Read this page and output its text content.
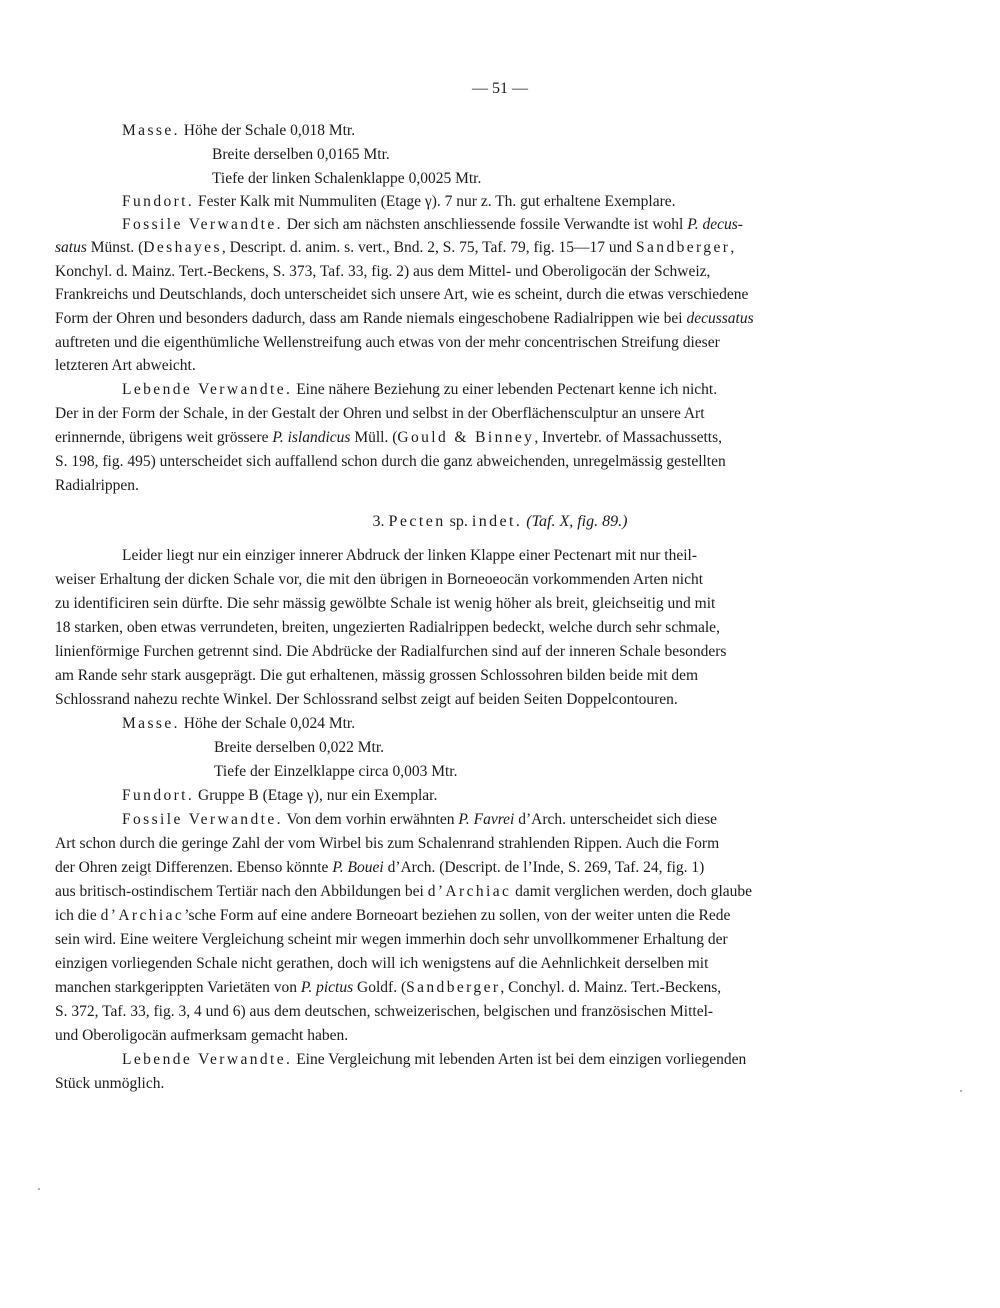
— 51 —
Masse. Höhe der Schale 0,018 Mtr.
Breite derselben 0,0165 Mtr.
Tiefe der linken Schalenklappe 0,0025 Mtr.
Fundort. Fester Kalk mit Nummuliten (Etage γ). 7 nur z. Th. gut erhaltene Exemplare.
Fossile Verwandte. Der sich am nächsten anschliessende fossile Verwandte ist wohl P. decus-
satus Münst. (Deshayes, Descript. d. anim. s. vert., Bnd. 2, S. 75, Taf. 79, fig. 15—17 und Sandberger,
Konchyl. d. Mainz. Tert.-Beckens, S. 373, Taf. 33, fig. 2) aus dem Mittel- und Oberoligocän der Schweiz,
Frankreichs und Deutschlands, doch unterscheidet sich unsere Art, wie es scheint, durch die etwas verschiedene
Form der Ohren und besonders dadurch, dass am Rande niemals eingeschobene Radialrippen wie bei decussatus
auftreten und die eigenthümliche Wellenstreifung auch etwas von der mehr concentrischen Streifung dieser
letzteren Art abweicht.
Lebende Verwandte. Eine nähere Beziehung zu einer lebenden Pectenart kenne ich nicht.
Der in der Form der Schale, in der Gestalt der Ohren und selbst in der Oberflächensculptur an unsere Art
erinnernde, übrigens weit grössere P. islandicus Müll. (Gould & Binney, Invertebr. of Massachussetts,
S. 198, fig. 495) unterscheidet sich auffallend schon durch die ganz abweichenden, unregelmässig gestellten
Radialrippen.
Leider liegt nur ein einziger innerer Abdruck der linken Klappe einer Pectenart mit nur theil-
weiser Erhaltung der dicken Schale vor, die mit den übrigen in Borneoeocän vorkommenden Arten nicht
zu identificiren sein dürfte. Die sehr mässig gewölbte Schale ist wenig höher als breit, gleichseitig und mit
18 starken, oben etwas verrundeten, breiten, ungezierten Radialrippen bedeckt, welche durch sehr schmale,
linienförmige Furchen getrennt sind. Die Abdrücke der Radialfurchen sind auf der inneren Schale besonders
am Rande sehr stark ausgeprägt. Die gut erhaltenen, mässig grossen Schlossohren bilden beide mit dem
Schlossrand nahezu rechte Winkel. Der Schlossrand selbst zeigt auf beiden Seiten Doppelcontouren.
Masse. Höhe der Schale 0,024 Mtr.
Breite derselben 0,022 Mtr.
Tiefe der Einzelklappe circa 0,003 Mtr.
Fundort. Gruppe B (Etage γ), nur ein Exemplar.
Fossile Verwandte. Von dem vorhin erwähnten P. Favrei d’Arch. unterscheidet sich diese
Art schon durch die geringe Zahl der vom Wirbel bis zum Schalenrand strahlenden Rippen. Auch die Form
der Ohren zeigt Differenzen. Ebenso könnte P. Bouei d’Arch. (Descript. de l’Inde, S. 269, Taf. 24, fig. 1)
aus britisch-ostindischem Tertiär nach den Abbildungen bei d’Archiac damit verglichen werden, doch glaube
ich die d’Archiac’sche Form auf eine andere Borneoart beziehen zu sollen, von der weiter unten die Rede
sein wird. Eine weitere Vergleichung scheint mir wegen immerhin doch sehr unvollkommener Erhaltung der
einzigen vorliegenden Schale nicht gerathen, doch will ich wenigstens auf die Aehnlichkeit derselben mit
manchen starkgerippten Varietäten von P. pictus Goldf. (Sandberger, Conchyl. d. Mainz. Tert.-Beckens,
S. 372, Taf. 33, fig. 3, 4 und 6) aus dem deutschen, schweizerischen, belgischen und französischen Mittel-
und Oberoligocän aufmerksam gemacht haben.
Lebende Verwandte. Eine Vergleichung mit lebenden Arten ist bei dem einzigen vorliegenden
Stück unmöglich.
3. Pecten sp. indet. (Taf. X, fig. 89.)
